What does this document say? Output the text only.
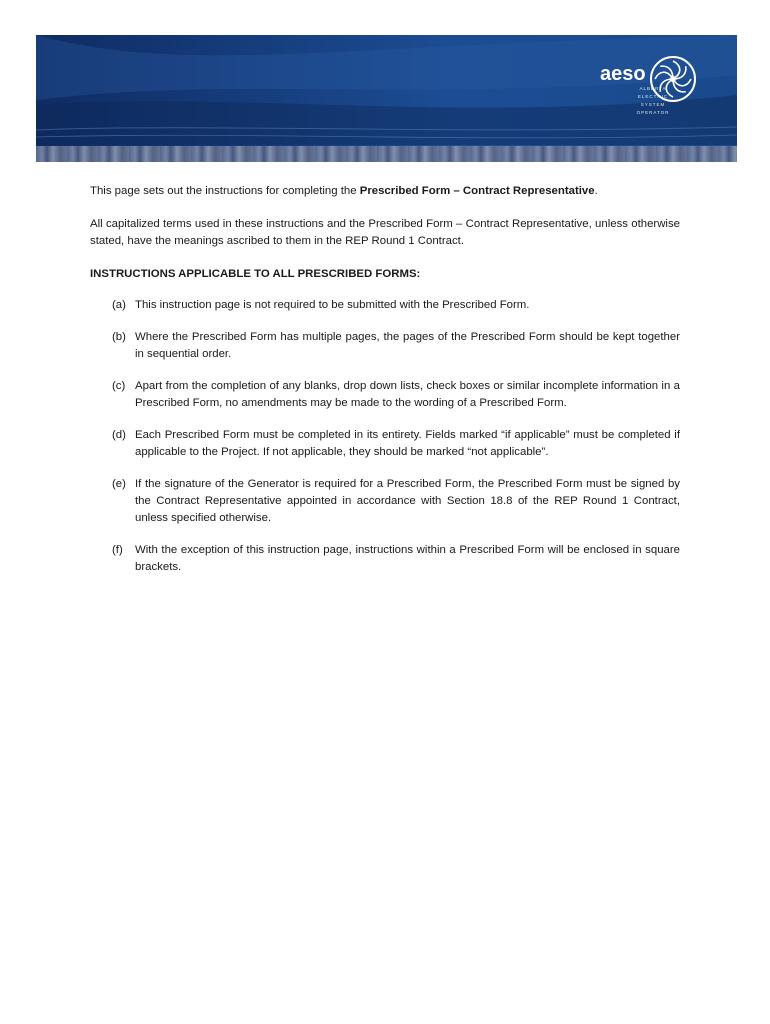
aeso
ALBERTA
ELECTRIC
SYSTEM
OPERATOR

This page sets out the instructions for completing the Prescribed Form – Contract Representative.

All capitalized terms used in these instructions and the Prescribed Form – Contract Representative, unless otherwise stated, have the meanings ascribed to them in the REP Round 1 Contract.

INSTRUCTIONS APPLICABLE TO ALL PRESCRIBED FORMS:

(a) This instruction page is not required to be submitted with the Prescribed Form.
(b) Where the Prescribed Form has multiple pages, the pages of the Prescribed Form should be kept together in sequential order.
(c) Apart from the completion of any blanks, drop down lists, check boxes or similar incomplete information in a Prescribed Form, no amendments may be made to the wording of a Prescribed Form.
(d) Each Prescribed Form must be completed in its entirety. Fields marked “if applicable” must be completed if applicable to the Project. If not applicable, they should be marked “not applicable”.
(e) If the signature of the Generator is required for a Prescribed Form, the Prescribed Form must be signed by the Contract Representative appointed in accordance with Section 18.8 of the REP Round 1 Contract, unless specified otherwise.
(f) With the exception of this instruction page, instructions within a Prescribed Form will be enclosed in square brackets.
